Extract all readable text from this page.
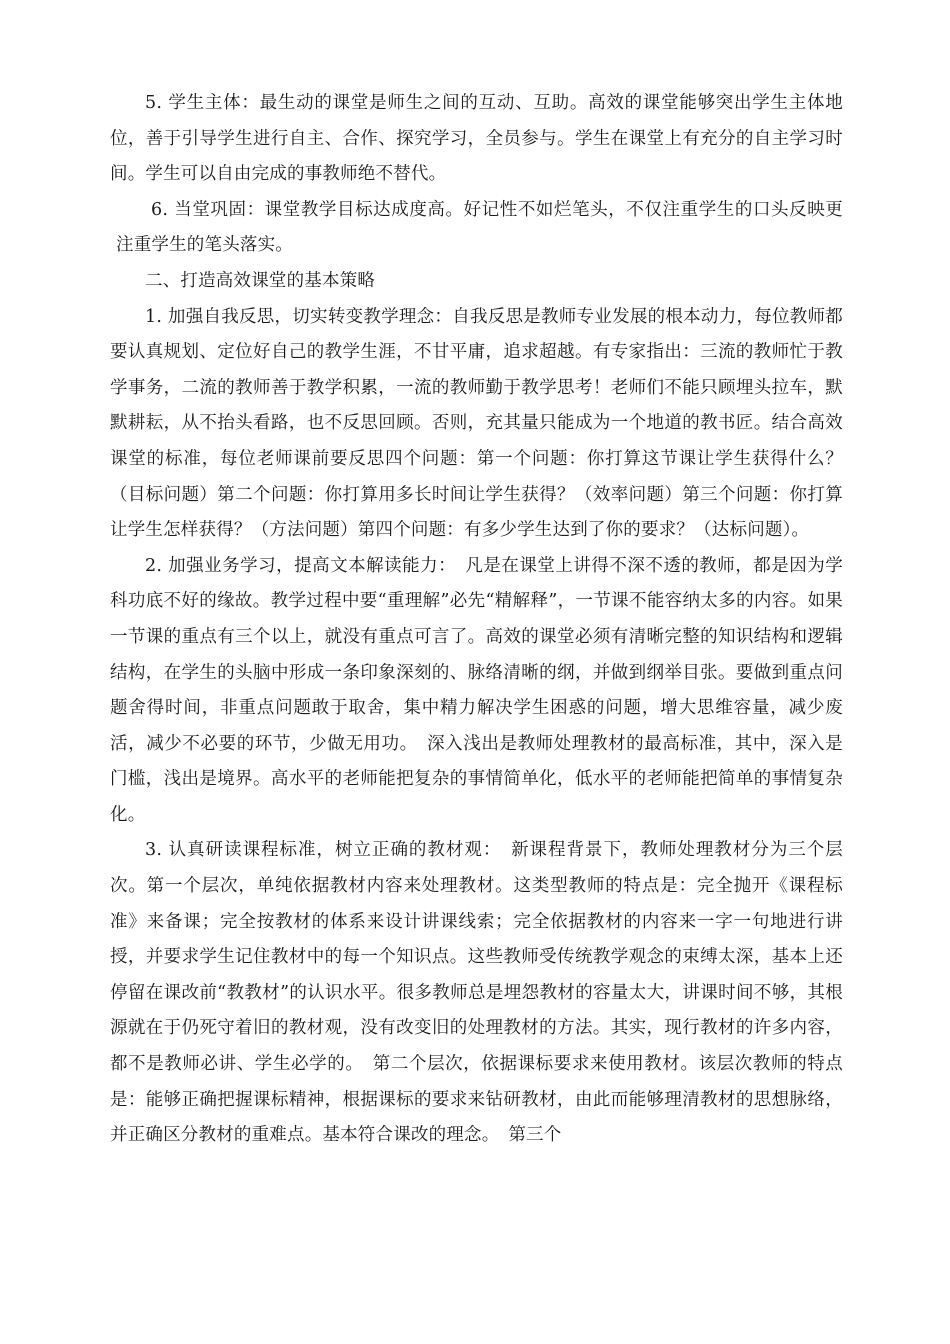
5. 学生主体：最生动的课堂是师生之间的互动、互助。高效的课堂能够突出学生主体地位，善于引导学生进行自主、合作、探究学习，全员参与。学生在课堂上有充分的自主学习时间。学生可以自由完成的事教师绝不替代。

6. 当堂巩固：课堂教学目标达成度高。好记性不如烂笔头，不仅注重学生的口头反映更注重学生的笔头落实。

二、打造高效课堂的基本策略

1. 加强自我反思，切实转变教学理念：自我反思是教师专业发展的根本动力，每位教师都要认真规划、定位好自己的教学生涯，不甘平庸，追求超越。有专家指出：三流的教师忙于教学事务，二流的教师善于教学积累，一流的教师勤于教学思考！老师们不能只顾埋头拉车，默默耕耘，从不抬头看路，也不反思回顾。否则，充其量只能成为一个地道的教书匠。结合高效课堂的标准，每位老师课前要反思四个问题：第一个问题：你打算这节课让学生获得什么？（目标问题）第二个问题：你打算用多长时间让学生获得？（效率问题）第三个问题：你打算让学生怎样获得？（方法问题）第四个问题：有多少学生达到了你的要求？（达标问题）。

2. 加强业务学习，提高文本解读能力：　凡是在课堂上讲得不深不透的教师，都是因为学科功底不好的缘故。教学过程中要“重理解”必先“精解释”，一节课不能容纳太多的内容。如果一节课的重点有三个以上，就没有重点可言了。高效的课堂必须有清晰完整的知识结构和逻辑结构，在学生的头脑中形成一条印象深刻的、脉络清晰的纲，并做到纲举目张。要做到重点问题舍得时间，非重点问题敢于取舍，集中精力解决学生困惑的问题，增大思维容量，减少废活，减少不必要的环节，少做无用功。　深入浅出是教师处理教材的最高标准，其中，深入是门槛，浅出是境界。高水平的老师能把复杂的事情简单化，低水平的老师能把简单的事情复杂化。

3. 认真研读课程标准，树立正确的教材观：　新课程背景下，教师处理教材分为三个层次。第一个层次，单纯依据教材内容来处理教材。这类型教师的特点是：完全抛开《课程标准》来备课；完全按教材的体系来设计讲课线索；完全依据教材的内容来一字一句地进行讲授，并要求学生记住教材中的每一个知识点。这些教师受传统教学观念的束缚太深，基本上还停留在课改前“教教材”的认识水平。很多教师总是埋怨教材的容量太大，讲课时间不够，其根源就在于仍死守着旧的教材观，没有改变旧的处理教材的方法。其实，现行教材的许多内容，都不是教师必讲、学生必学的。　第二个层次，依据课标要求来使用教材。该层次教师的特点是：能够正确把握课标精神，根据课标的要求来钻研教材，由此而能够理清教材的思想脉络，并正确区分教材的重难点。基本符合课改的理念。　第三个
